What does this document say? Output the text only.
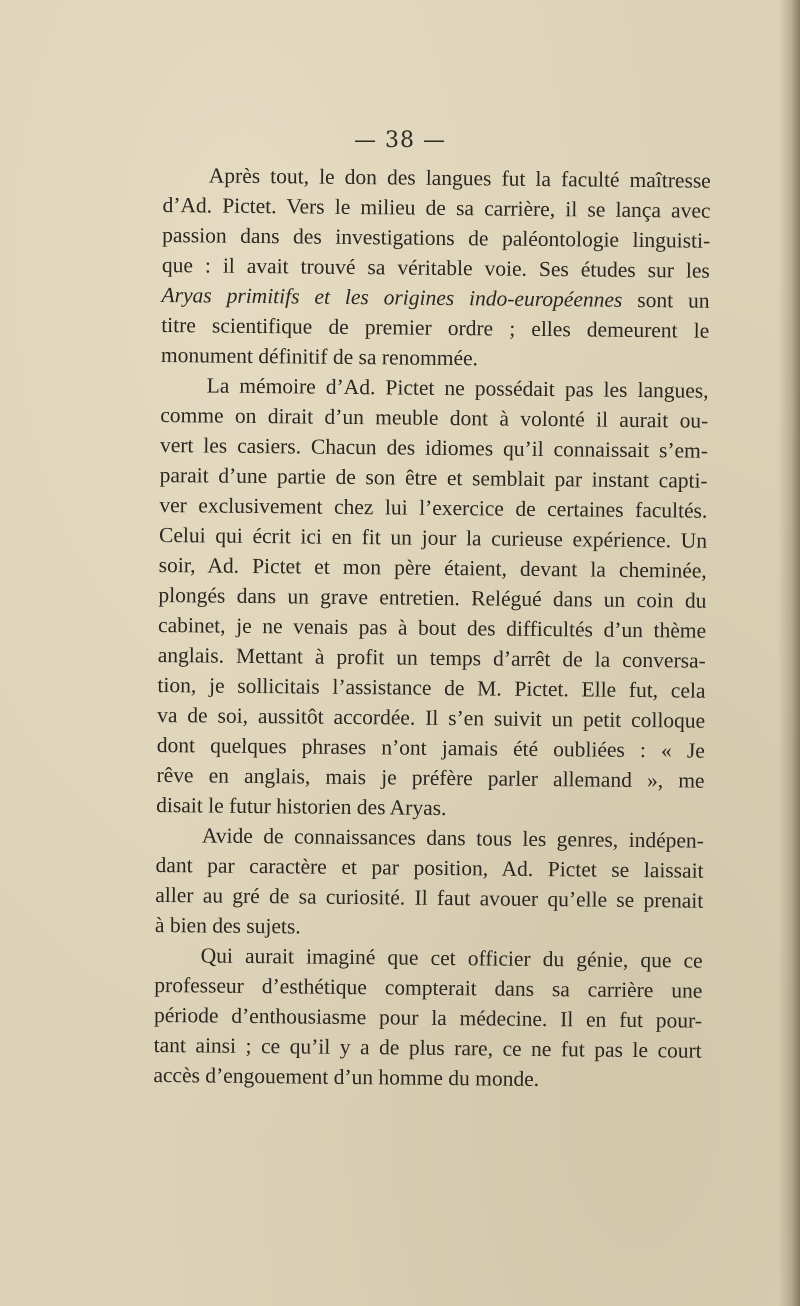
— 38 —
Après tout, le don des langues fut la faculté maîtresse
d’Ad. Pictet. Vers le milieu de sa carrière, il se lança avec
passion dans des investigations de paléontologie linguisti-
que : il avait trouvé sa véritable voie. Ses études sur les
Aryas primitifs et les origines indo-européennes sont un
titre scientifique de premier ordre ; elles demeurent le
monument définitif de sa renommée.
La mémoire d’Ad. Pictet ne possédait pas les langues,
comme on dirait d’un meuble dont à volonté il aurait ou-
vert les casiers. Chacun des idiomes qu’il connaissait s’em-
parait d’une partie de son être et semblait par instant capti-
ver exclusivement chez lui l’exercice de certaines facultés.
Celui qui écrit ici en fit un jour la curieuse expérience. Un
soir, Ad. Pictet et mon père étaient, devant la cheminée,
plongés dans un grave entretien. Relégué dans un coin du
cabinet, je ne venais pas à bout des difficultés d’un thème
anglais. Mettant à profit un temps d’arrêt de la conversa-
tion, je sollicitais l’assistance de M. Pictet. Elle fut, cela
va de soi, aussitôt accordée. Il s’en suivit un petit colloque
dont quelques phrases n’ont jamais été oubliées : « Je
rêve en anglais, mais je préfère parler allemand », me
disait le futur historien des Aryas.
Avide de connaissances dans tous les genres, indépen-
dant par caractère et par position, Ad. Pictet se laissait
aller au gré de sa curiosité. Il faut avouer qu’elle se prenait
à bien des sujets.
Qui aurait imaginé que cet officier du génie, que ce
professeur d’esthétique compterait dans sa carrière une
période d’enthousiasme pour la médecine. Il en fut pour-
tant ainsi ; ce qu’il y a de plus rare, ce ne fut pas le court
accès d’engouement d’un homme du monde.
